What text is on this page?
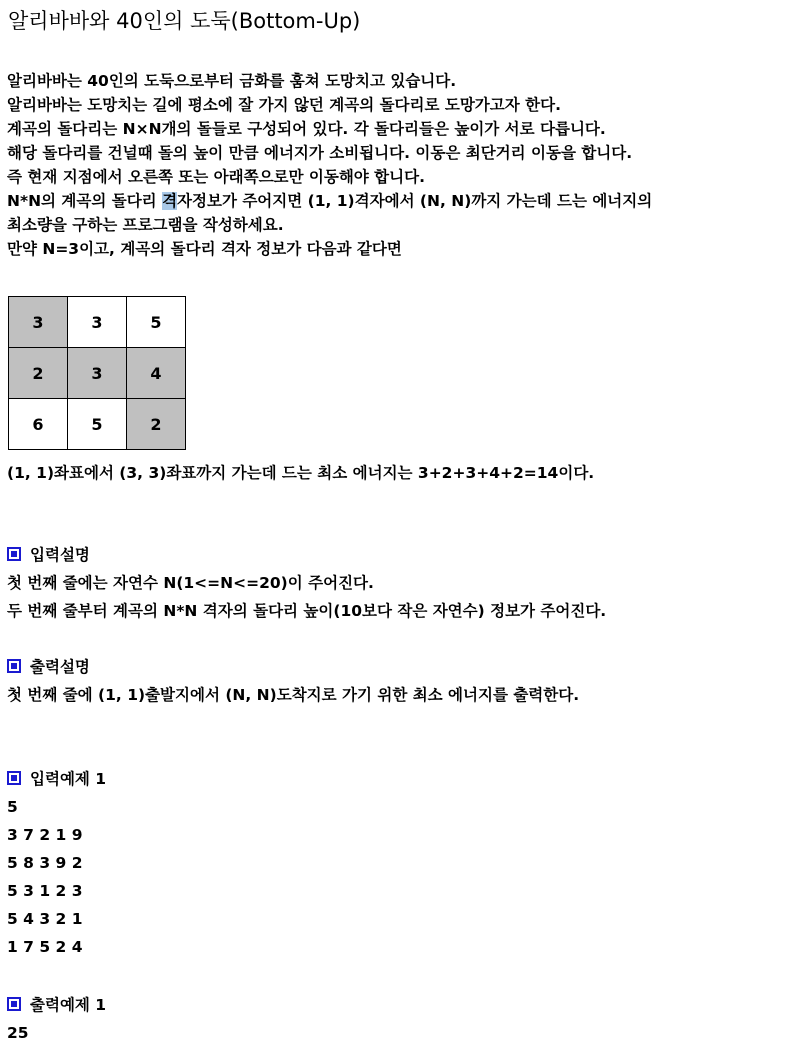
알리바바와 40인의 도둑(Bottom-Up)
알리바바는 40인의 도둑으로부터 금화를 훔쳐 도망치고 있습니다.
알리바바는 도망치는 길에 평소에 잘 가지 않던 계곡의 돌다리로 도망가고자 한다.
계곡의 돌다리는 N×N개의 돌들로 구성되어 있다. 각 돌다리들은 높이가 서로 다릅니다.
해당 돌다리를 건널때 돌의 높이 만큼 에너지가 소비됩니다. 이동은 최단거리 이동을 합니다.
즉 현재 지점에서 오른쪽 또는 아래쪽으로만 이동해야 합니다.
N*N의 계곡의 돌다리 격자정보가 주어지면 (1, 1)격자에서 (N, N)까지 가는데 드는 에너지의
최소량을 구하는 프로그램을 작성하세요.
만약 N=3이고, 계곡의 돌다리 격자 정보가 다음과 같다면
3	3	5
2	3	4
6	5	2
(1, 1)좌표에서 (3, 3)좌표까지 가는데 드는 최소 에너지는 3+2+3+4+2=14이다.
입력설명
첫 번째 줄에는 자연수 N(1<=N<=20)이 주어진다.
두 번째 줄부터 계곡의 N*N 격자의 돌다리 높이(10보다 작은 자연수) 정보가 주어진다.
출력설명
첫 번째 줄에 (1, 1)출발지에서 (N, N)도착지로 가기 위한 최소 에너지를 출력한다.
입력예제 1
5
3 7 2 1 9
5 8 3 9 2
5 3 1 2 3
5 4 3 2 1
1 7 5 2 4
출력예제 1
25
